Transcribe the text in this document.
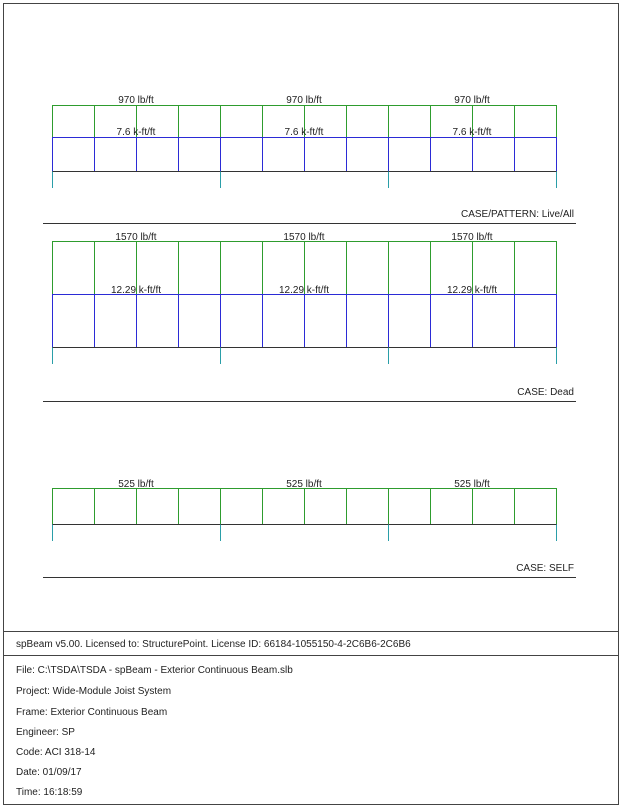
970 lb/ft	970 lb/ft	970 lb/ft
7.6 k-ft/ft	7.6 k-ft/ft	7.6 k-ft/ft
1570 lb/ft	1570 lb/ft	1570 lb/ft
12.29 k-ft/ft	12.29 k-ft/ft	12.29 k-ft/ft
525 lb/ft	525 lb/ft	525 lb/ft
CASE/PATTERN: Live/All
CASE: Dead
CASE: SELF
spBeam v5.00. Licensed to: StructurePoint. License ID: 66184-1055150-4-2C6B6-2C6B6
File: C:\TSDA\TSDA - spBeam - Exterior Continuous Beam.slb
Project: Wide-Module Joist System
Frame: Exterior Continuous Beam
Engineer: SP
Code: ACI 318-14
Date: 01/09/17
Time: 16:18:59
